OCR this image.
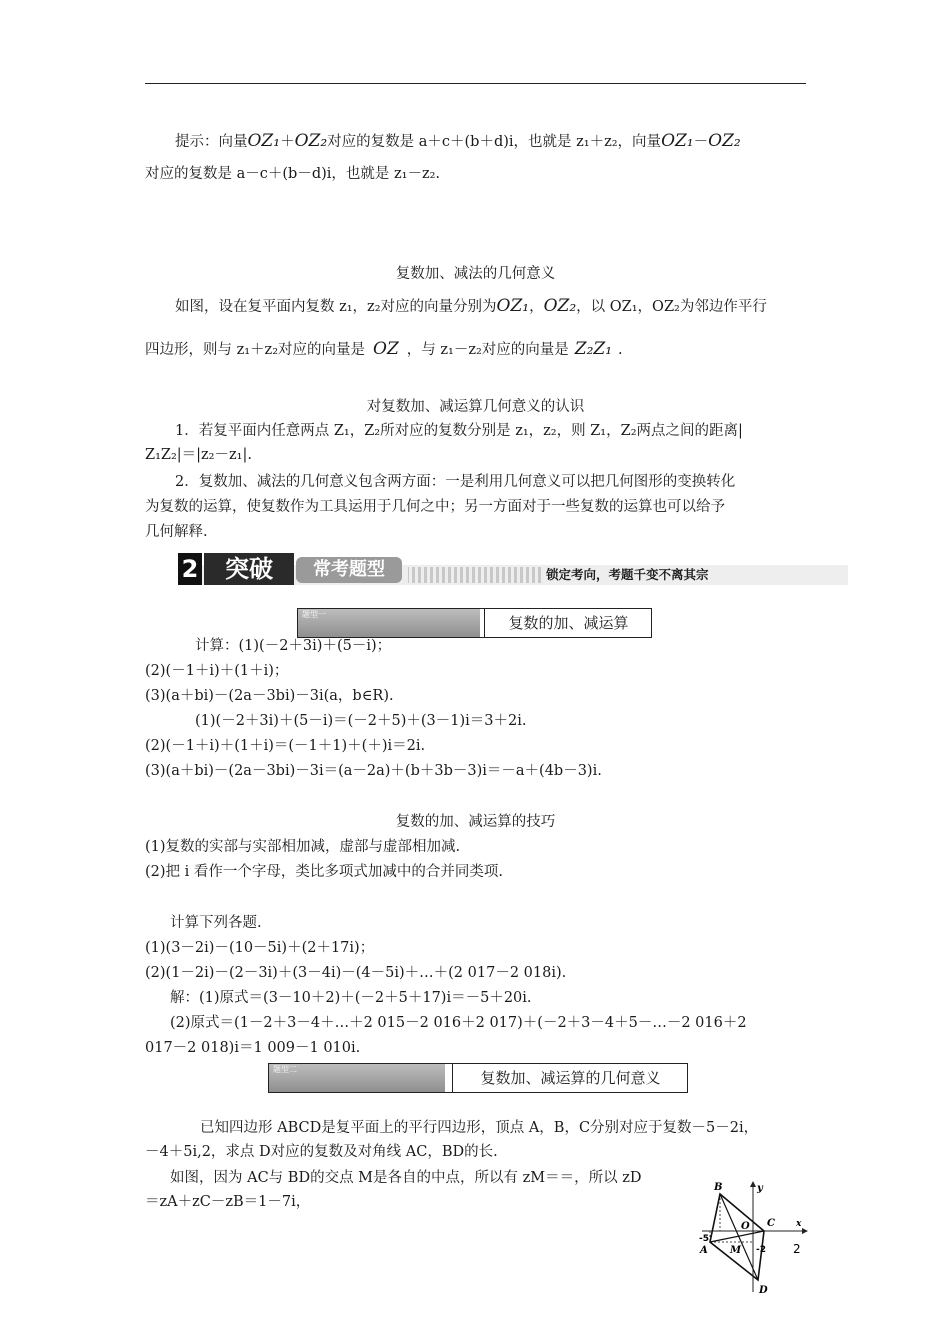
提示：向量OZ₁＋OZ₂对应的复数是 a＋c＋(b＋d)i，也就是 z₁＋z₂，向量OZ₁－OZ₂
对应的复数是 a－c＋(b－d)i，也就是 z₁－z₂.
复数加、减法的几何意义
如图，设在复平面内复数 z₁，z₂对应的向量分别为OZ₁，OZ₂，以 OZ₁，OZ₂为邻边作平行
四边形，则与 z₁＋z₂对应的向量是 OZ ，与 z₁－z₂对应的向量是 Z₂Z₁ .
对复数加、减运算几何意义的认识
1．若复平面内任意两点 Z₁，Z₂所对应的复数分别是 z₁，z₂，则 Z₁，Z₂两点之间的距离|
Z₁Z₂|＝|z₂－z₁|.
2．复数加、减法的几何意义包含两方面：一是利用几何意义可以把几何图形的变换转化
为复数的运算，使复数作为工具运用于几何之中；另一方面对于一些复数的运算也可以给予
几何解释.
2	突破	常考题型	锁定考向，考题千变不离其宗
题型一	复数的加、减运算
计算：(1)(－2＋3i)＋(5－i)；
(2)(－1＋i)＋(1＋i)；
(3)(a＋bi)－(2a－3bi)－3i(a，b∈R).
(1)(－2＋3i)＋(5－i)＝(－2＋5)＋(3－1)i＝3＋2i.
(2)(－1＋i)＋(1＋i)＝(－1＋1)＋(＋)i＝2i.
(3)(a＋bi)－(2a－3bi)－3i＝(a－2a)＋(b＋3b－3)i＝－a＋(4b－3)i.
复数的加、减运算的技巧
(1)复数的实部与实部相加减，虚部与虚部相加减.
(2)把 i 看作一个字母，类比多项式加减中的合并同类项.
计算下列各题.
(1)(3－2i)－(10－5i)＋(2＋17i)；
(2)(1－2i)－(2－3i)＋(3－4i)－(4－5i)＋…＋(2 017－2 018i).
解：(1)原式＝(3－10＋2)＋(－2＋5＋17)i＝－5＋20i.
(2)原式＝(1－2＋3－4＋…＋2 015－2 016＋2 017)＋(－2＋3－4＋5－…－2 016＋2
017－2 018)i＝1 009－1 010i.
题型二	复数加、减运算的几何意义
已知四边形 ABCD是复平面上的平行四边形，顶点 A，B，C分别对应于复数－5－2i，
－4＋5i,2，求点 D对应的复数及对角线 AC，BD的长.
如图，因为 AC与 BD的交点 M是各自的中点，所以有 zM＝＝，所以 zD
＝zA＋zC－zB＝1－7i，
B	y
O C x
-5
A M -2 2
D
